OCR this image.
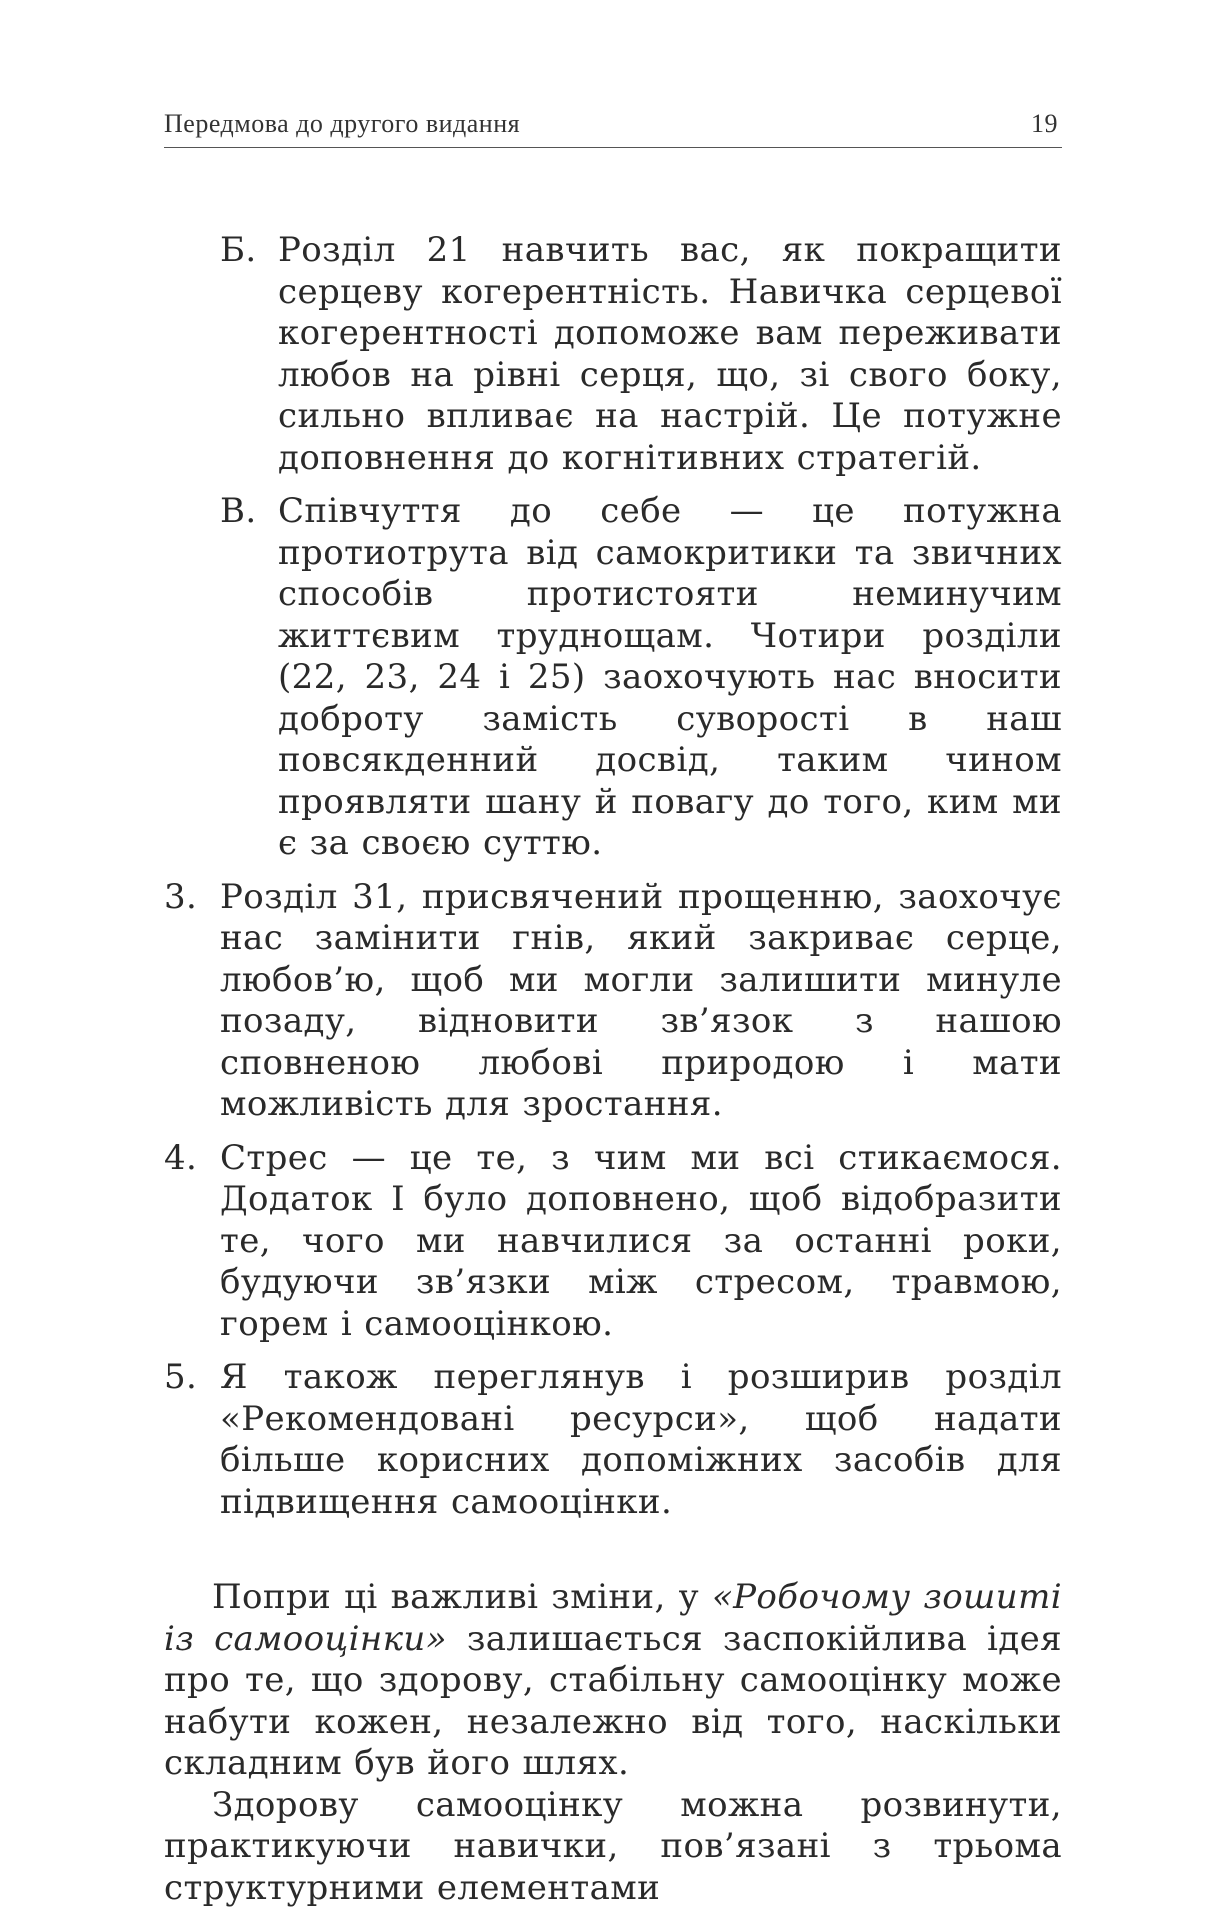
Передмова до другого видання	19
Б. Розділ 21 навчить вас, як покращити серцеву когерентність. Навичка серцевої когерентності допоможе вам переживати любов на рівні серця, що, зі свого боку, сильно впливає на настрій. Це потужне доповнення до когнітивних стратегій.
В. Співчуття до себе — це потужна протиотрута від самокритики та звичних способів протистояти неминучим життєвим труднощам. Чотири розділи (22, 23, 24 і 25) заохочують нас вносити доброту замість суворості в наш повсякденний досвід, таким чином проявляти шану й повагу до того, ким ми є за своєю суттю.
3. Розділ 31, присвячений прощенню, заохочує нас замінити гнів, який закриває серце, любов’ю, щоб ми могли залишити минуле позаду, відновити зв’язок з нашою сповненою любові природою і мати можливість для зростання.
4. Стрес — це те, з чим ми всі стикаємося. Додаток I було доповнено, щоб відобразити те, чого ми навчилися за останні роки, будуючи зв’язки між стресом, травмою, горем і самооцінкою.
5. Я також переглянув і розширив розділ «Рекомендовані ресурси», щоб надати більше корисних допоміжних засобів для підвищення самооцінки.

Попри ці важливі зміни, у «Робочому зошиті із самооцінки» залишається заспокійлива ідея про те, що здорову, стабільну самооцінку може набути кожен, незалежно від того, наскільки складним був його шлях.

Здорову самооцінку можна розвинути, практикуючи навички, пов’язані з трьома структурними елементами
